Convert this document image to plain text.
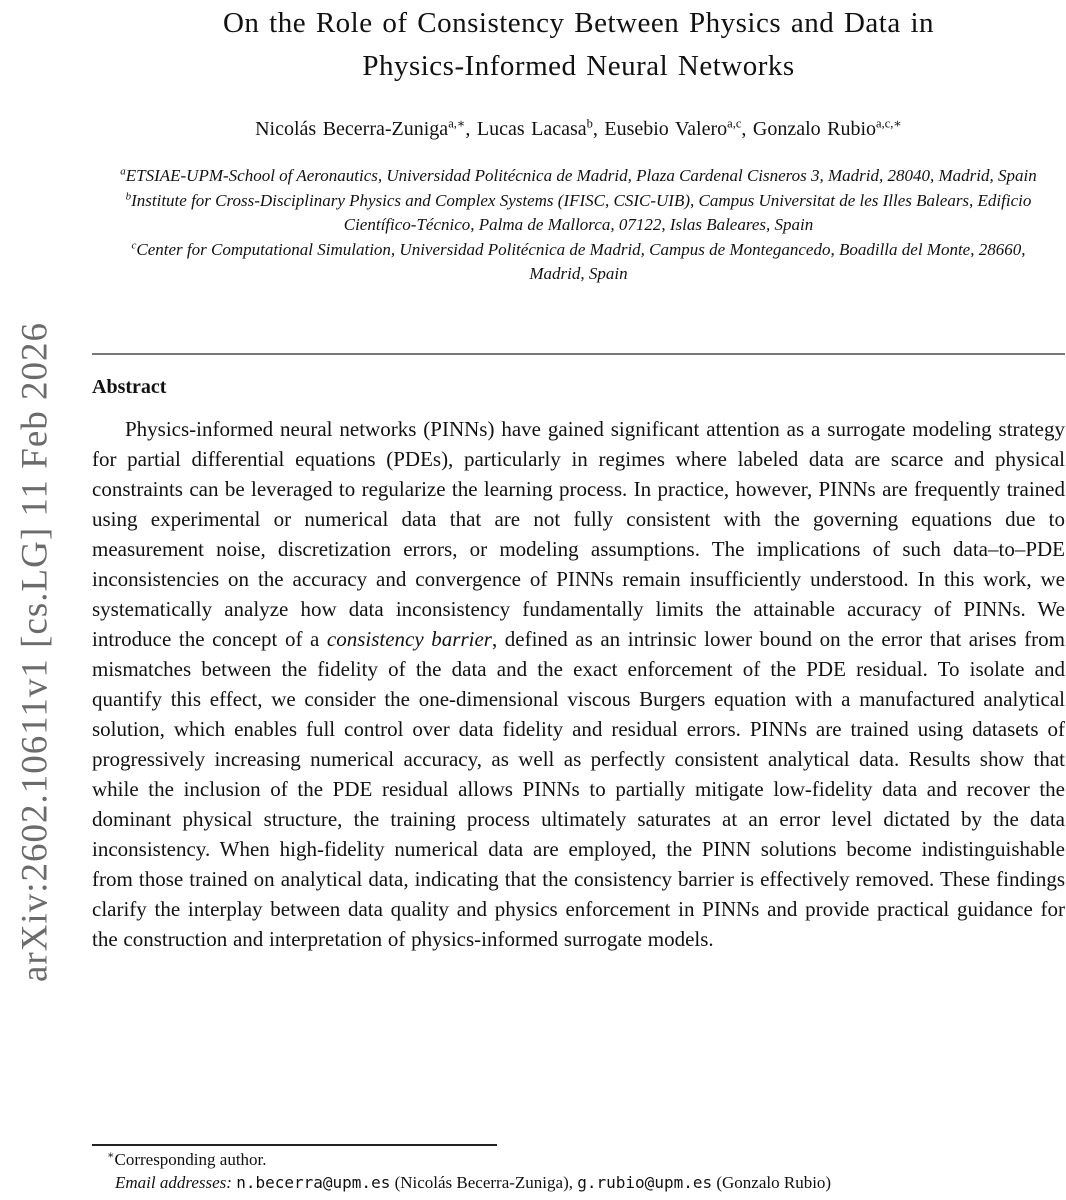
arXiv:2602.10611v1 [cs.LG] 11 Feb 2026
On the Role of Consistency Between Physics and Data in
Physics-Informed Neural Networks
Nicolás Becerra-Zuniga$^{a,∗}$, Lucas Lacasa$^b$, Eusebio Valero$^{a,c}$, Gonzalo Rubio$^{a,c,∗}$
$^a$ETSIAE-UPM-School of Aeronautics, Universidad Politécnica de Madrid, Plaza Cardenal Cisneros 3, Madrid, 28040, Madrid, Spain
$^b$Institute for Cross-Disciplinary Physics and Complex Systems (IFISC, CSIC-UIB), Campus Universitat de les Illes Balears, Edificio Científico-Técnico, Palma de Mallorca, 07122, Islas Baleares, Spain
$^c$Center for Computational Simulation, Universidad Politécnica de Madrid, Campus de Montegancedo, Boadilla del Monte, 28660, Madrid, Spain
Abstract

Physics-informed neural networks (PINNs) have gained significant attention as a surrogate modeling strategy for partial differential equations (PDEs), particularly in regimes where labeled data are scarce and physical constraints can be leveraged to regularize the learning process. In practice, however, PINNs are frequently trained using experimental or numerical data that are not fully consistent with the governing equations due to measurement noise, discretization errors, or modeling assumptions. The implications of such data–to–PDE inconsistencies on the accuracy and convergence of PINNs remain insufficiently understood. In this work, we systematically analyze how data inconsistency fundamentally limits the attainable accuracy of PINNs. We introduce the concept of a consistency barrier, defined as an intrinsic lower bound on the error that arises from mismatches between the fidelity of the data and the exact enforcement of the PDE residual. To isolate and quantify this effect, we consider the one-dimensional viscous Burgers equation with a manufactured analytical solution, which enables full control over data fidelity and residual errors. PINNs are trained using datasets of progressively increasing numerical accuracy, as well as perfectly consistent analytical data. Results show that while the inclusion of the PDE residual allows PINNs to partially mitigate low-fidelity data and recover the dominant physical structure, the training process ultimately saturates at an error level dictated by the data inconsistency. When high-fidelity numerical data are employed, the PINN solutions become indistinguishable from those trained on analytical data, indicating that the consistency barrier is effectively removed. These findings clarify the interplay between data quality and physics enforcement in PINNs and provide practical guidance for the construction and interpretation of physics-informed surrogate models.

∗Corresponding author.

Email addresses: n.becerra@upm.es (Nicolás Becerra-Zuniga), g.rubio@upm.es (Gonzalo Rubio)
